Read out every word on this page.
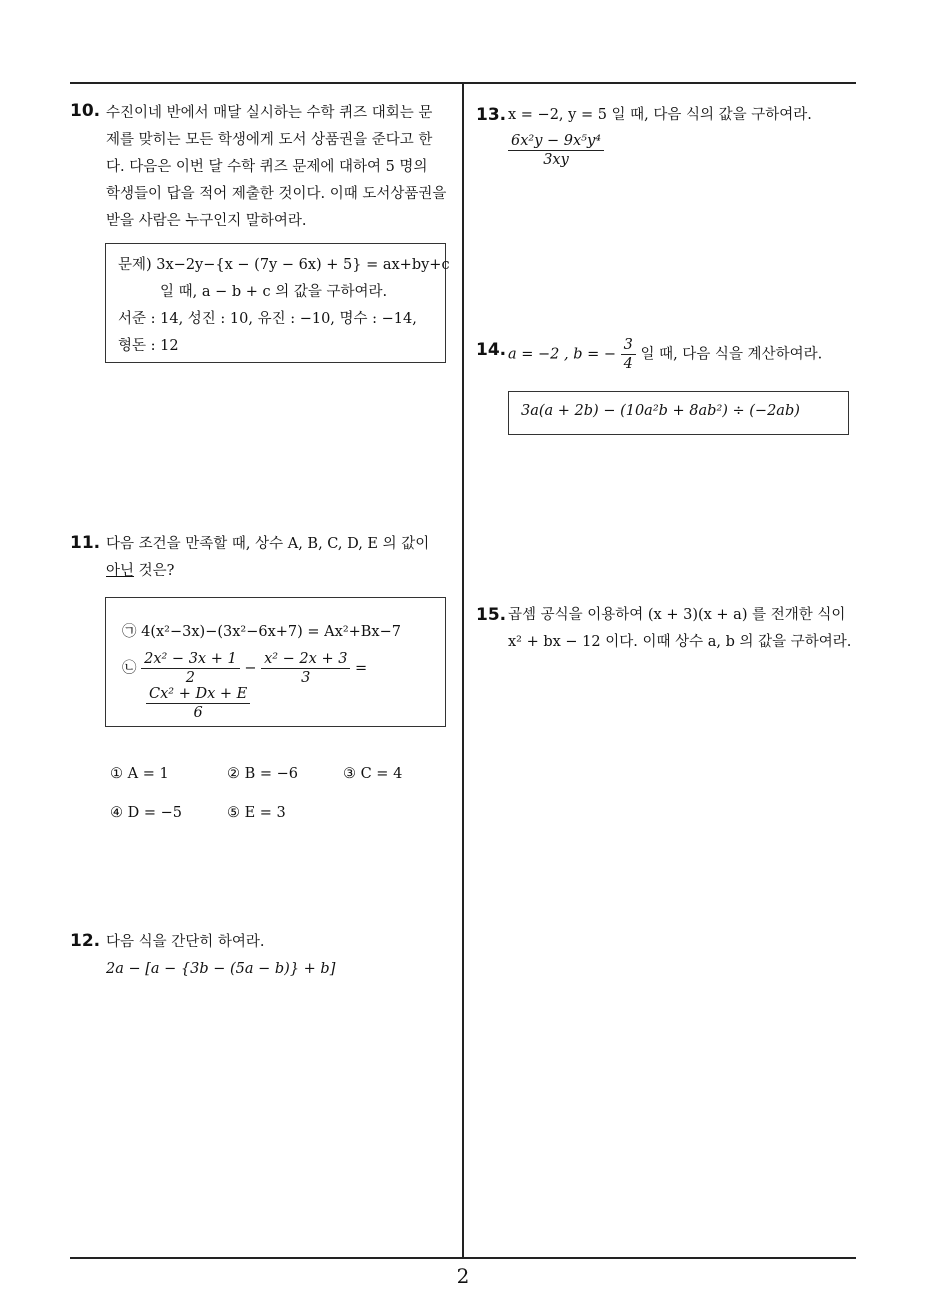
2
10. 수진이네 반에서 매달 실시하는 수학 퀴즈 대회는 문
제를 맞히는 모든 학생에게 도서 상품권을 준다고 한
다. 다음은 이번 달 수학 퀴즈 문제에 대하여 5 명의
학생들이 답을 적어 제출한 것이다. 이때 도서상품권을
받을 사람은 누구인지 말하여라.
문제) 3x−2y−{x − (7y − 6x) + 5} = ax+by+c
일 때, a − b + c 의 값을 구하여라.
서준 : 14, 성진 : 10, 유진 : −10, 명수 : −14,
형돈 : 12
11. 다음 조건을 만족할 때, 상수 A, B, C, D, E 의 값이
아닌 것은?
㉠ 4(x²−3x)−(3x²−6x+7) = Ax²+Bx−7
㉡ $\frac{\text{2x² − 3x + 1}}{2} - \frac{\text{x² − 2x + 3}}{3}$ =
$\frac{\text{Cx² + Dx + E}}{6}$
① A = 1	② B = −6	③ C = 4
④ D = −5	⑤ E = 3
12. 다음 식을 간단히 하여라.
2a − [a − {3b − (5a − b)} + b]
13. x = −2, y = 5 일 때, 다음 식의 값을 구하여라.
$\frac{\text{6x²y − 9x⁵y⁴}}{3xy}$
14. a = −2 , b = − $\frac{3}{4}$ 일 때, 다음 식을 계산하여라.
3a(a + 2b) − (10a²b + 8ab²) ÷ (−2ab)
15. 곱셈 공식을 이용하여 (x + 3)(x + a) 를 전개한 식이
x² + bx − 12 이다. 이때 상수 a, b 의 값을 구하여라.
